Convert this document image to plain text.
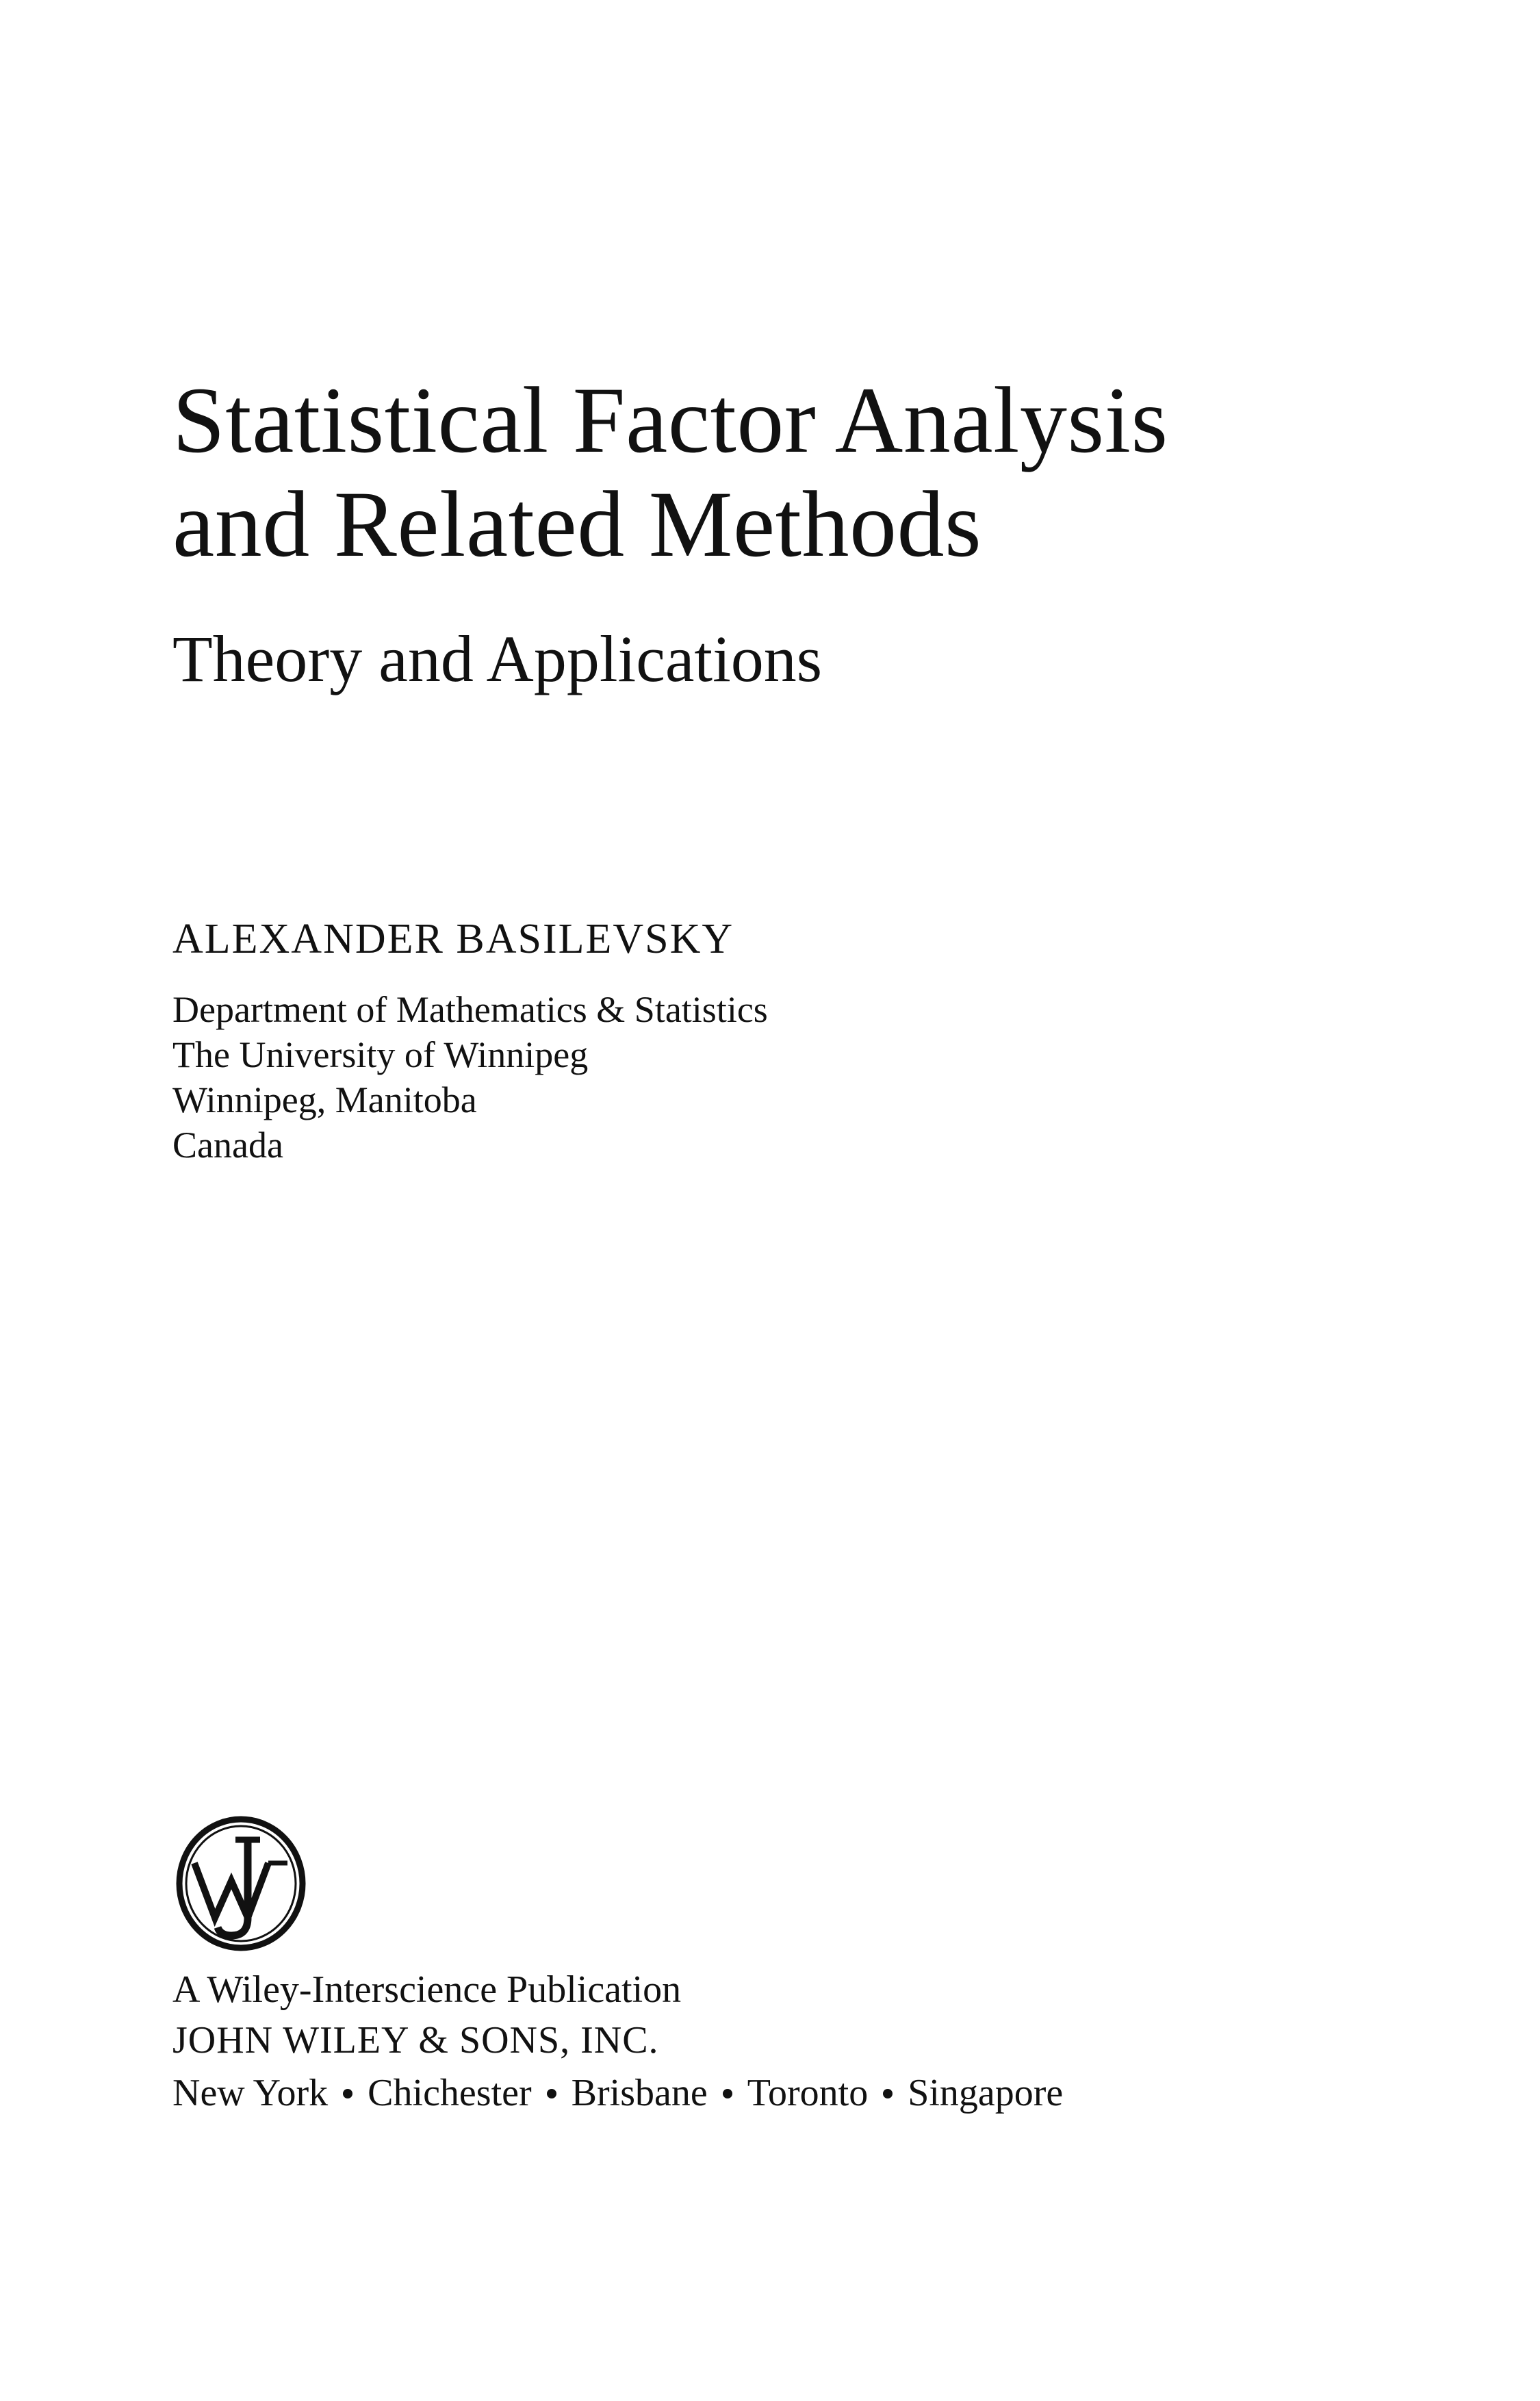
Statistical Factor Analysis
and Related Methods
Theory and Applications
ALEXANDER BASILEVSKY
Department of Mathematics & Statistics
The University of Winnipeg
Winnipeg, Manitoba
Canada
A Wiley-Interscience Publication
JOHN WILEY & SONS, INC.
New York Chichester Brisbane Toronto Singapore
